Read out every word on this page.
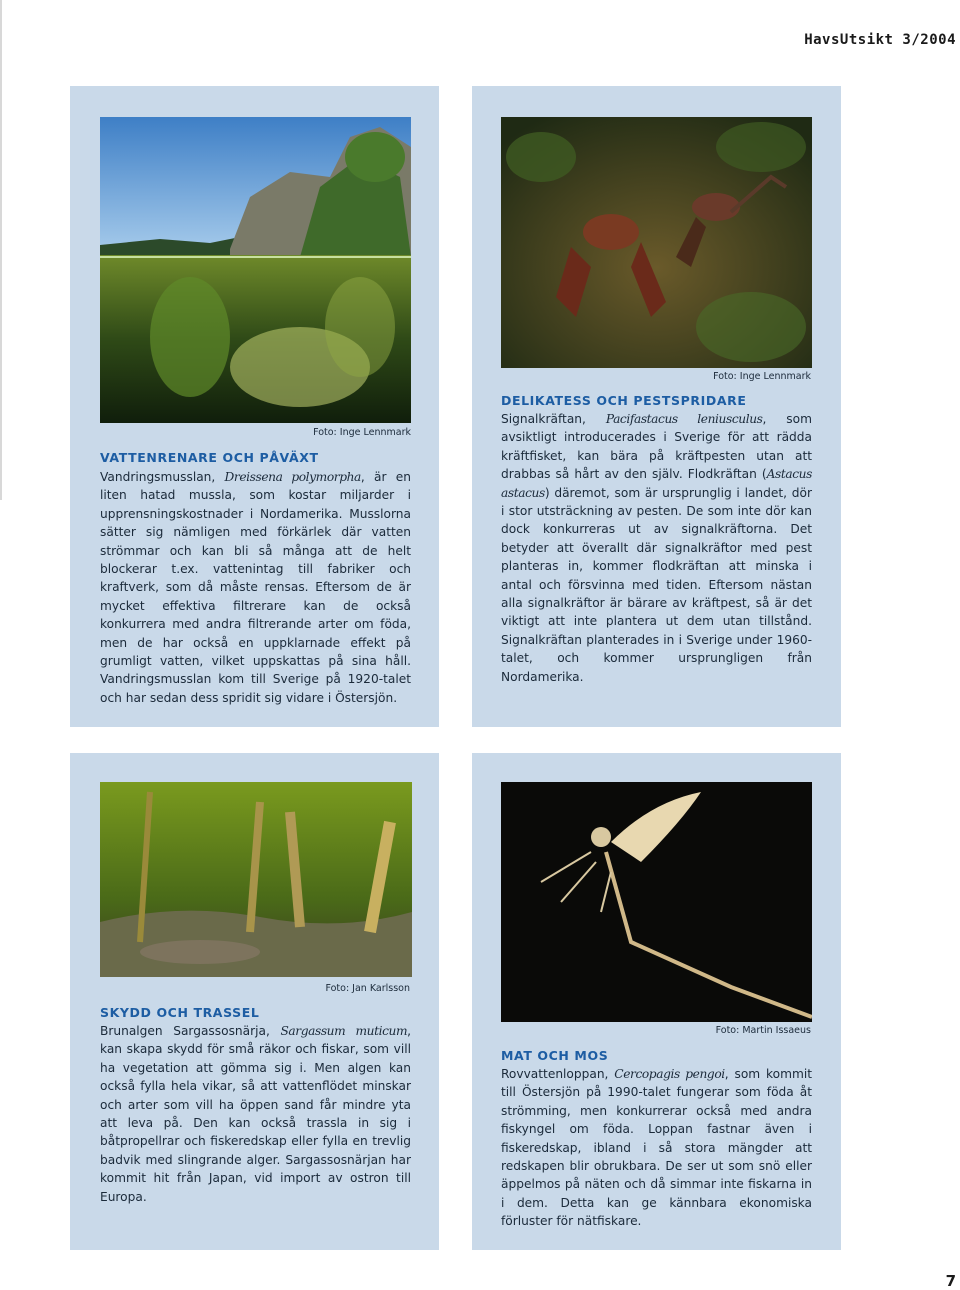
HavsUtsikt 3/2004
Foto: Inge Lennmark
VATTENRENARE OCH PÅVÄXT
Vandringsmusslan, Dreissena polymorpha, är en liten hatad mussla, som kostar miljarder i upprensningskostnader i Nordamerika. Musslorna sätter sig nämligen med förkärlek där vatten strömmar och kan bli så många att de helt blockerar t.ex. vattenintag till fabriker och kraftverk, som då måste rensas. Eftersom de är mycket effektiva filtrerare kan de också konkurrera med andra filtrerande arter om föda, men de har också en uppklarnade effekt på grumligt vatten, vilket uppskattas på sina håll. Vandringsmusslan kom till Sverige på 1920-talet och har sedan dess spridit sig vidare i Östersjön.
Foto: Inge Lennmark
DELIKATESS OCH PESTSPRIDARE
Signalkräftan, Pacifastacus leniusculus, som avsiktligt introducerades i Sverige för att rädda kräftfisket, kan bära på kräftpesten utan att drabbas så hårt av den själv. Flodkräftan (Astacus astacus) däremot, som är ursprunglig i landet, dör i stor utsträckning av pesten. De som inte dör kan dock konkurreras ut av signalkräftorna. Det betyder att överallt där signalkräftor med pest planteras in, kommer flodkräftan att minska i antal och försvinna med tiden. Eftersom nästan alla signalkräftor är bärare av kräftpest, så är det viktigt att inte plantera ut dem utan tillstånd. Signalkräftan planterades in i Sverige under 1960-talet, och kommer ursprungligen från Nordamerika.
Foto: Jan Karlsson
SKYDD OCH TRASSEL
Brunalgen Sargassosnärja, Sargassum muticum, kan skapa skydd för små räkor och fiskar, som vill ha vegetation att gömma sig i. Men algen kan också fylla hela vikar, så att vattenflödet minskar och arter som vill ha öppen sand får mindre yta att leva på. Den kan också trassla in sig i båtpropellrar och fiskeredskap eller fylla en trevlig badvik med slingrande alger. Sargassosnärjan har kommit hit från Japan, vid import av ostron till Europa.
Foto: Martin Issaeus
MAT OCH MOS
Rovvattenloppan, Cercopagis pengoi, som kommit till Östersjön på 1990-talet fungerar som föda åt strömming, men konkurrerar också med andra fiskyngel om föda. Loppan fastnar även i fiskeredskap, ibland i så stora mängder att redskapen blir obrukbara. De ser ut som snö eller äppelmos på näten och då simmar inte fiskarna in i dem. Detta kan ge kännbara ekonomiska förluster för nätfiskare.
7
